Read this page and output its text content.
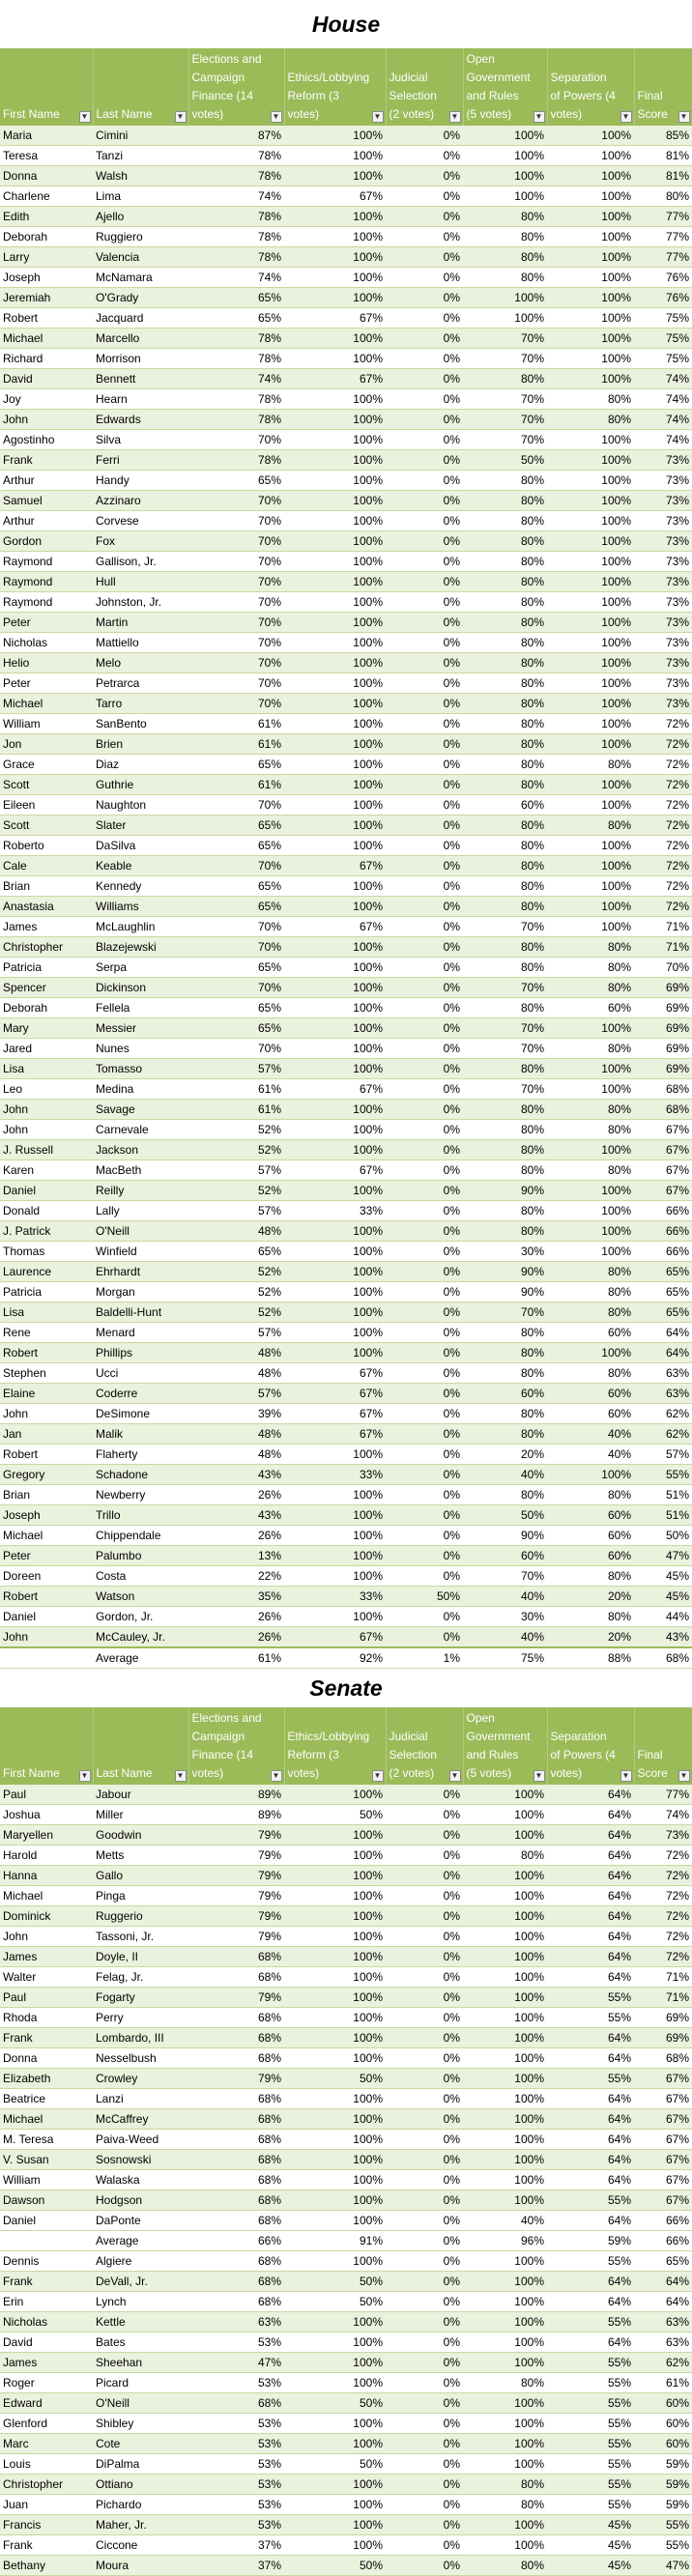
House
First Name ▼	Last Name ▼	Elections and Campaign Finance (14 votes) ▼	Ethics/Lobbying Reform (3 votes) ▼	Judicial Selection (2 votes) ▼	Open Government and Rules (5 votes) ▼	Separation of Powers (4 votes) ▼	Final Score ▼

Maria	Cimini	87%	100%	0%	100%	100%	85%
Teresa	Tanzi	78%	100%	0%	100%	100%	81%
Donna	Walsh	78%	100%	0%	100%	100%	81%
Charlene	Lima	74%	67%	0%	100%	100%	80%
Edith	Ajello	78%	100%	0%	80%	100%	77%
Deborah	Ruggiero	78%	100%	0%	80%	100%	77%
Larry	Valencia	78%	100%	0%	80%	100%	77%
Joseph	McNamara	74%	100%	0%	80%	100%	76%
Jeremiah	O'Grady	65%	100%	0%	100%	100%	76%
Robert	Jacquard	65%	67%	0%	100%	100%	75%
Michael	Marcello	78%	100%	0%	70%	100%	75%
Richard	Morrison	78%	100%	0%	70%	100%	75%
David	Bennett	74%	67%	0%	80%	100%	74%
Joy	Hearn	78%	100%	0%	70%	80%	74%
John	Edwards	78%	100%	0%	70%	80%	74%
Agostinho	Silva	70%	100%	0%	70%	100%	74%
Frank	Ferri	78%	100%	0%	50%	100%	73%
Arthur	Handy	65%	100%	0%	80%	100%	73%
Samuel	Azzinaro	70%	100%	0%	80%	100%	73%
Arthur	Corvese	70%	100%	0%	80%	100%	73%
Gordon	Fox	70%	100%	0%	80%	100%	73%
Raymond	Gallison, Jr.	70%	100%	0%	80%	100%	73%
Raymond	Hull	70%	100%	0%	80%	100%	73%
Raymond	Johnston, Jr.	70%	100%	0%	80%	100%	73%
Peter	Martin	70%	100%	0%	80%	100%	73%
Nicholas	Mattiello	70%	100%	0%	80%	100%	73%
Helio	Melo	70%	100%	0%	80%	100%	73%
Peter	Petrarca	70%	100%	0%	80%	100%	73%
Michael	Tarro	70%	100%	0%	80%	100%	73%
William	SanBento	61%	100%	0%	80%	100%	72%
Jon	Brien	61%	100%	0%	80%	100%	72%
Grace	Diaz	65%	100%	0%	80%	80%	72%
Scott	Guthrie	61%	100%	0%	80%	100%	72%
Eileen	Naughton	70%	100%	0%	60%	100%	72%
Scott	Slater	65%	100%	0%	80%	80%	72%
Roberto	DaSilva	65%	100%	0%	80%	100%	72%
Cale	Keable	70%	67%	0%	80%	100%	72%
Brian	Kennedy	65%	100%	0%	80%	100%	72%
Anastasia	Williams	65%	100%	0%	80%	100%	72%
James	McLaughlin	70%	67%	0%	70%	100%	71%
Christopher	Blazejewski	70%	100%	0%	80%	80%	71%
Patricia	Serpa	65%	100%	0%	80%	80%	70%
Spencer	Dickinson	70%	100%	0%	70%	80%	69%
Deborah	Fellela	65%	100%	0%	80%	60%	69%
Mary	Messier	65%	100%	0%	70%	100%	69%
Jared	Nunes	70%	100%	0%	70%	80%	69%
Lisa	Tomasso	57%	100%	0%	80%	100%	69%
Leo	Medina	61%	67%	0%	70%	100%	68%
John	Savage	61%	100%	0%	80%	80%	68%
John	Carnevale	52%	100%	0%	80%	80%	67%
J. Russell	Jackson	52%	100%	0%	80%	100%	67%
Karen	MacBeth	57%	67%	0%	80%	80%	67%
Daniel	Reilly	52%	100%	0%	90%	100%	67%
Donald	Lally	57%	33%	0%	80%	100%	66%
J. Patrick	O'Neill	48%	100%	0%	80%	100%	66%
Thomas	Winfield	65%	100%	0%	30%	100%	66%
Laurence	Ehrhardt	52%	100%	0%	90%	80%	65%
Patricia	Morgan	52%	100%	0%	90%	80%	65%
Lisa	Baldelli-Hunt	52%	100%	0%	70%	80%	65%
Rene	Menard	57%	100%	0%	80%	60%	64%
Robert	Phillips	48%	100%	0%	80%	100%	64%
Stephen	Ucci	48%	67%	0%	80%	80%	63%
Elaine	Coderre	57%	67%	0%	60%	60%	63%
John	DeSimone	39%	67%	0%	80%	60%	62%
Jan	Malik	48%	67%	0%	80%	40%	62%
Robert	Flaherty	48%	100%	0%	20%	40%	57%
Gregory	Schadone	43%	33%	0%	40%	100%	55%
Brian	Newberry	26%	100%	0%	80%	80%	51%
Joseph	Trillo	43%	100%	0%	50%	60%	51%
Michael	Chippendale	26%	100%	0%	90%	60%	50%
Peter	Palumbo	13%	100%	0%	60%	60%	47%
Doreen	Costa	22%	100%	0%	70%	80%	45%
Robert	Watson	35%	33%	50%	40%	20%	45%
Daniel	Gordon, Jr.	26%	100%	0%	30%	80%	44%
John	McCauley, Jr.	26%	67%	0%	40%	20%	43%
	Average	61%	92%	1%	75%	88%	68%
Senate
First Name ▼	Last Name ▼	Elections and Campaign Finance (14 votes) ▼	Ethics/Lobbying Reform (3 votes) ▼	Judicial Selection (2 votes) ▼	Open Government and Rules (5 votes) ▼	Separation of Powers (4 votes) ▼	Final Score ▼

Paul	Jabour	89%	100%	0%	100%	64%	77%
Joshua	Miller	89%	50%	0%	100%	64%	74%
Maryellen	Goodwin	79%	100%	0%	100%	64%	73%
Harold	Metts	79%	100%	0%	80%	64%	72%
Hanna	Gallo	79%	100%	0%	100%	64%	72%
Michael	Pinga	79%	100%	0%	100%	64%	72%
Dominick	Ruggerio	79%	100%	0%	100%	64%	72%
John	Tassoni, Jr.	79%	100%	0%	100%	64%	72%
James	Doyle, II	68%	100%	0%	100%	64%	72%
Walter	Felag, Jr.	68%	100%	0%	100%	64%	71%
Paul	Fogarty	79%	100%	0%	100%	55%	71%
Rhoda	Perry	68%	100%	0%	100%	55%	69%
Frank	Lombardo, III	68%	100%	0%	100%	64%	69%
Donna	Nesselbush	68%	100%	0%	100%	64%	68%
Elizabeth	Crowley	79%	50%	0%	100%	55%	67%
Beatrice	Lanzi	68%	100%	0%	100%	64%	67%
Michael	McCaffrey	68%	100%	0%	100%	64%	67%
M. Teresa	Paiva-Weed	68%	100%	0%	100%	64%	67%
V. Susan	Sosnowski	68%	100%	0%	100%	64%	67%
William	Walaska	68%	100%	0%	100%	64%	67%
Dawson	Hodgson	68%	100%	0%	100%	55%	67%
Daniel	DaPonte	68%	100%	0%	40%	64%	66%
	Average	66%	91%	0%	96%	59%	66%
Dennis	Algiere	68%	100%	0%	100%	55%	65%
Frank	DeVall, Jr.	68%	50%	0%	100%	64%	64%
Erin	Lynch	68%	50%	0%	100%	64%	64%
Nicholas	Kettle	63%	100%	0%	100%	55%	63%
David	Bates	53%	100%	0%	100%	64%	63%
James	Sheehan	47%	100%	0%	100%	55%	62%
Roger	Picard	53%	100%	0%	80%	55%	61%
Edward	O'Neill	68%	50%	0%	100%	55%	60%
Glenford	Shibley	53%	100%	0%	100%	55%	60%
Marc	Cote	53%	100%	0%	100%	55%	60%
Louis	DiPalma	53%	50%	0%	100%	55%	59%
Christopher	Ottiano	53%	100%	0%	80%	55%	59%
Juan	Pichardo	53%	100%	0%	80%	55%	59%
Francis	Maher, Jr.	53%	100%	0%	100%	45%	55%
Frank	Ciccone	37%	100%	0%	100%	45%	55%
Bethany	Moura	37%	50%	0%	80%	45%	47%
